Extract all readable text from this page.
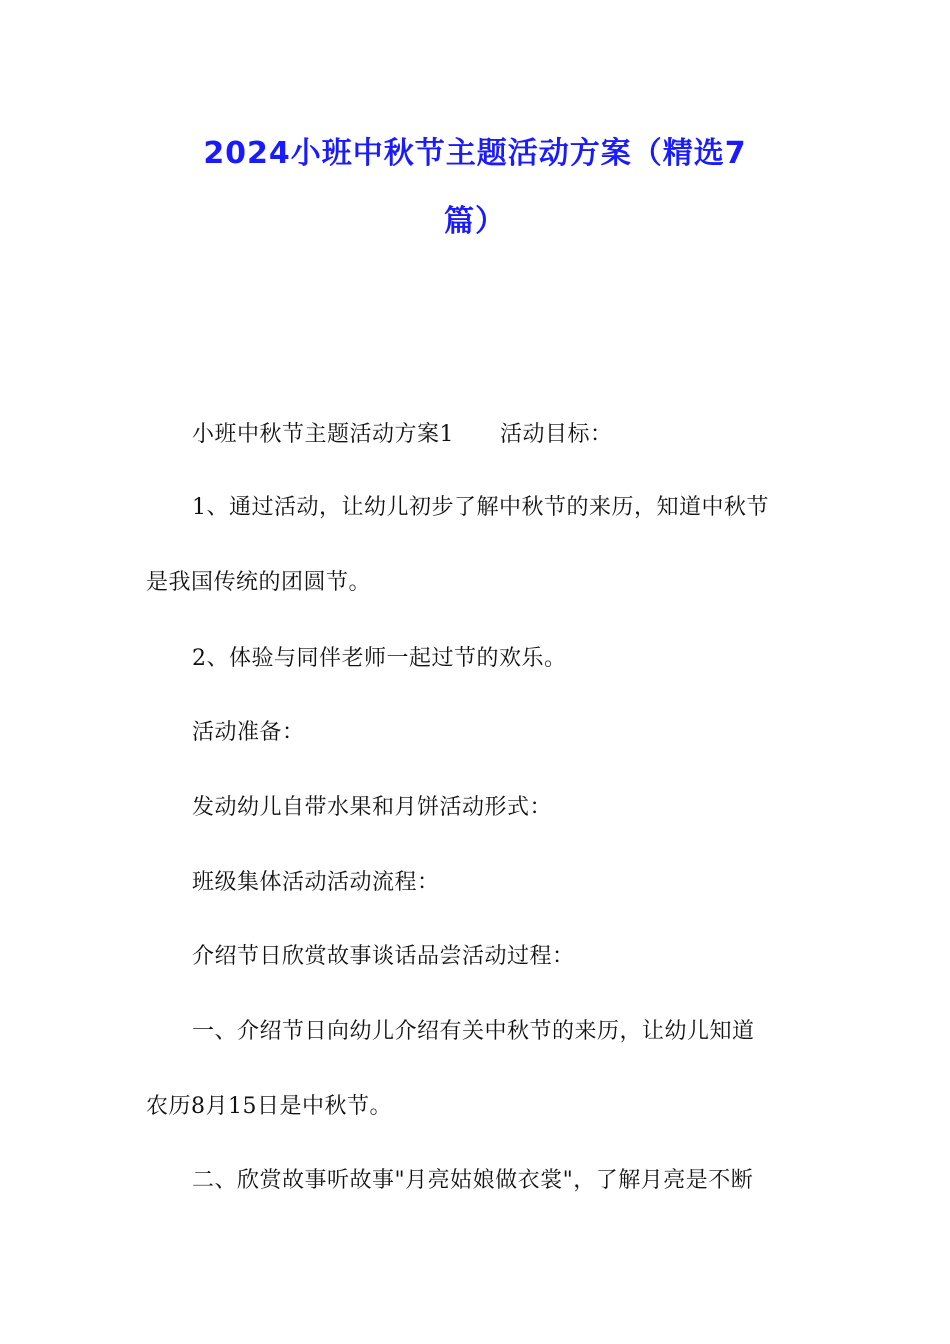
2024小班中秋节主题活动方案（精选7
篇）

小班中秋节主题活动方案1 活动目标：

1、通过活动，让幼儿初步了解中秋节的来历，知道中秋节

是我国传统的团圆节。

2、体验与同伴老师一起过节的欢乐。

活动准备：

发动幼儿自带水果和月饼活动形式：

班级集体活动活动流程：

介绍节日欣赏故事谈话品尝活动过程：

一、介绍节日向幼儿介绍有关中秋节的来历，让幼儿知道

农历8月15日是中秋节。

二、欣赏故事听故事"月亮姑娘做衣裳"，了解月亮是不断
